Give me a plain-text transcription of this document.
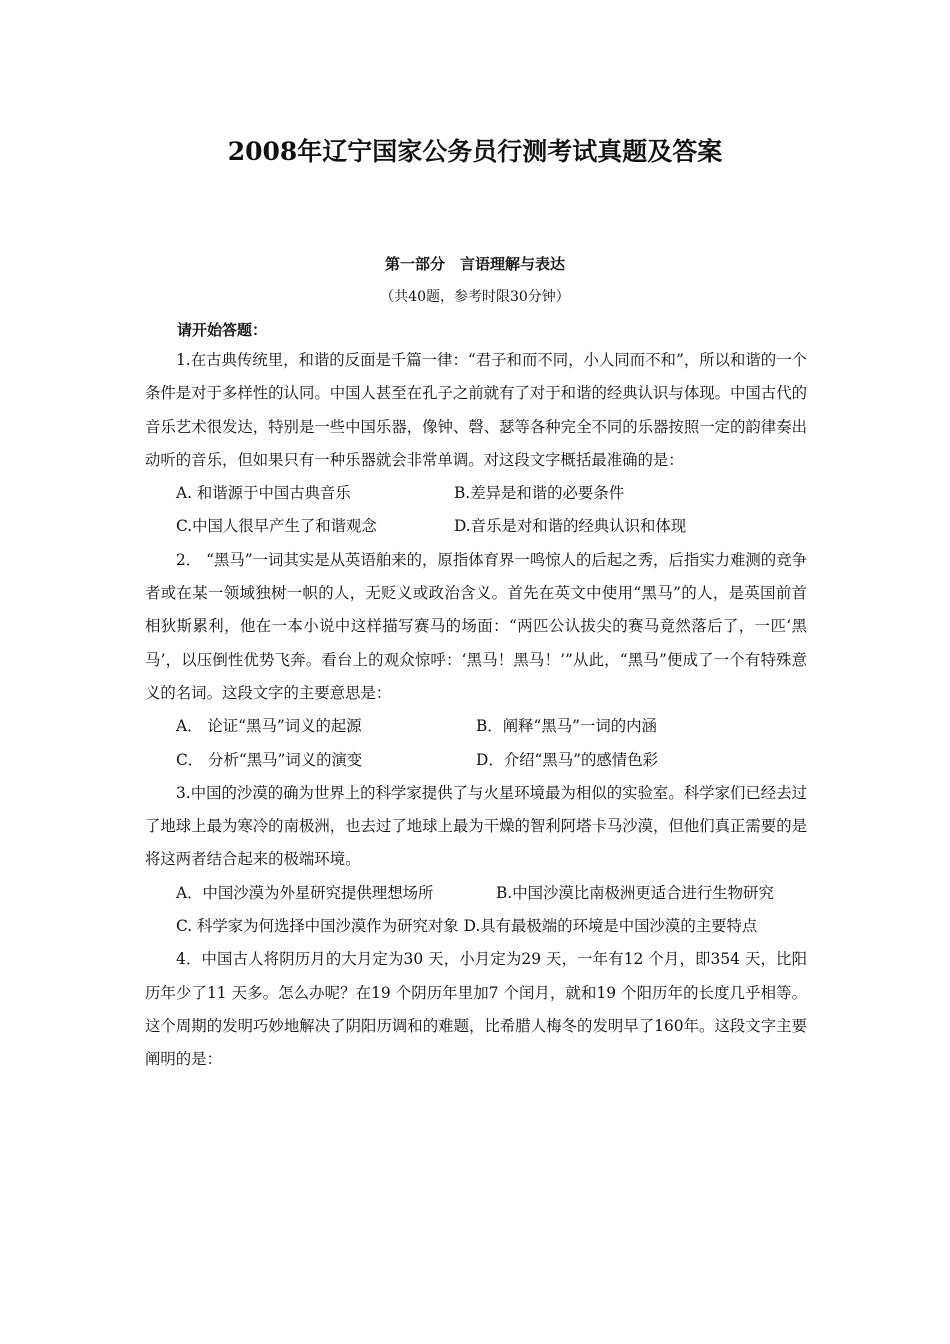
2008年辽宁国家公务员行测考试真题及答案
第一部分　言语理解与表达
（共40题，参考时限30分钟）
请开始答题：

1.在古典传统里，和谐的反面是千篇一律：“君子和而不同，小人同而不和”，所以和谐的一个条件是对于多样性的认同。中国人甚至在孔子之前就有了对于和谐的经典认识与体现。中国古代的音乐艺术很发达，特别是一些中国乐器，像钟、磬、瑟等各种完全不同的乐器按照一定的韵律奏出动听的音乐，但如果只有一种乐器就会非常单调。对这段文字概括最准确的是：

A. 和谐源于中国古典音乐	B.差异是和谐的必要条件
C.中国人很早产生了和谐观念	D.音乐是对和谐的经典认识和体现

2． “黑马”一词其实是从英语舶来的，原指体育界一鸣惊人的后起之秀，后指实力难测的竞争者或在某一领域独树一帜的人，无贬义或政治含义。首先在英文中使用“黑马”的人，是英国前首相狄斯累利，他在一本小说中这样描写赛马的场面：“两匹公认拔尖的赛马竟然落后了，一匹‘黑马’，以压倒性优势飞奔。看台上的观众惊呼：‘黑马！黑马！’”从此，“黑马”便成了一个有特殊意义的名词。这段文字的主要意思是：

A． 论证“黑马”词义的起源	B．阐释“黑马”一词的内涵
C． 分析“黑马”词义的演变	D．介绍“黑马”的感情色彩

3.中国的沙漠的确为世界上的科学家提供了与火星环境最为相似的实验室。科学家们已经去过了地球上最为寒冷的南极洲，也去过了地球上最为干燥的智利阿塔卡马沙漠，但他们真正需要的是将这两者结合起来的极端环境。

A．中国沙漠为外星研究提供理想场所	B.中国沙漠比南极洲更适合进行生物研究

C. 科学家为何选择中国沙漠作为研究对象 D.具有最极端的环境是中国沙漠的主要特点

4．中国古人将阴历月的大月定为30 天，小月定为29 天，一年有12 个月，即354 天，比阳历年少了11 天多。怎么办呢？在19 个阴历年里加7 个闰月，就和19 个阳历年的长度几乎相等。这个周期的发明巧妙地解决了阴阳历调和的难题，比希腊人梅冬的发明早了160年。这段文字主要阐明的是：
